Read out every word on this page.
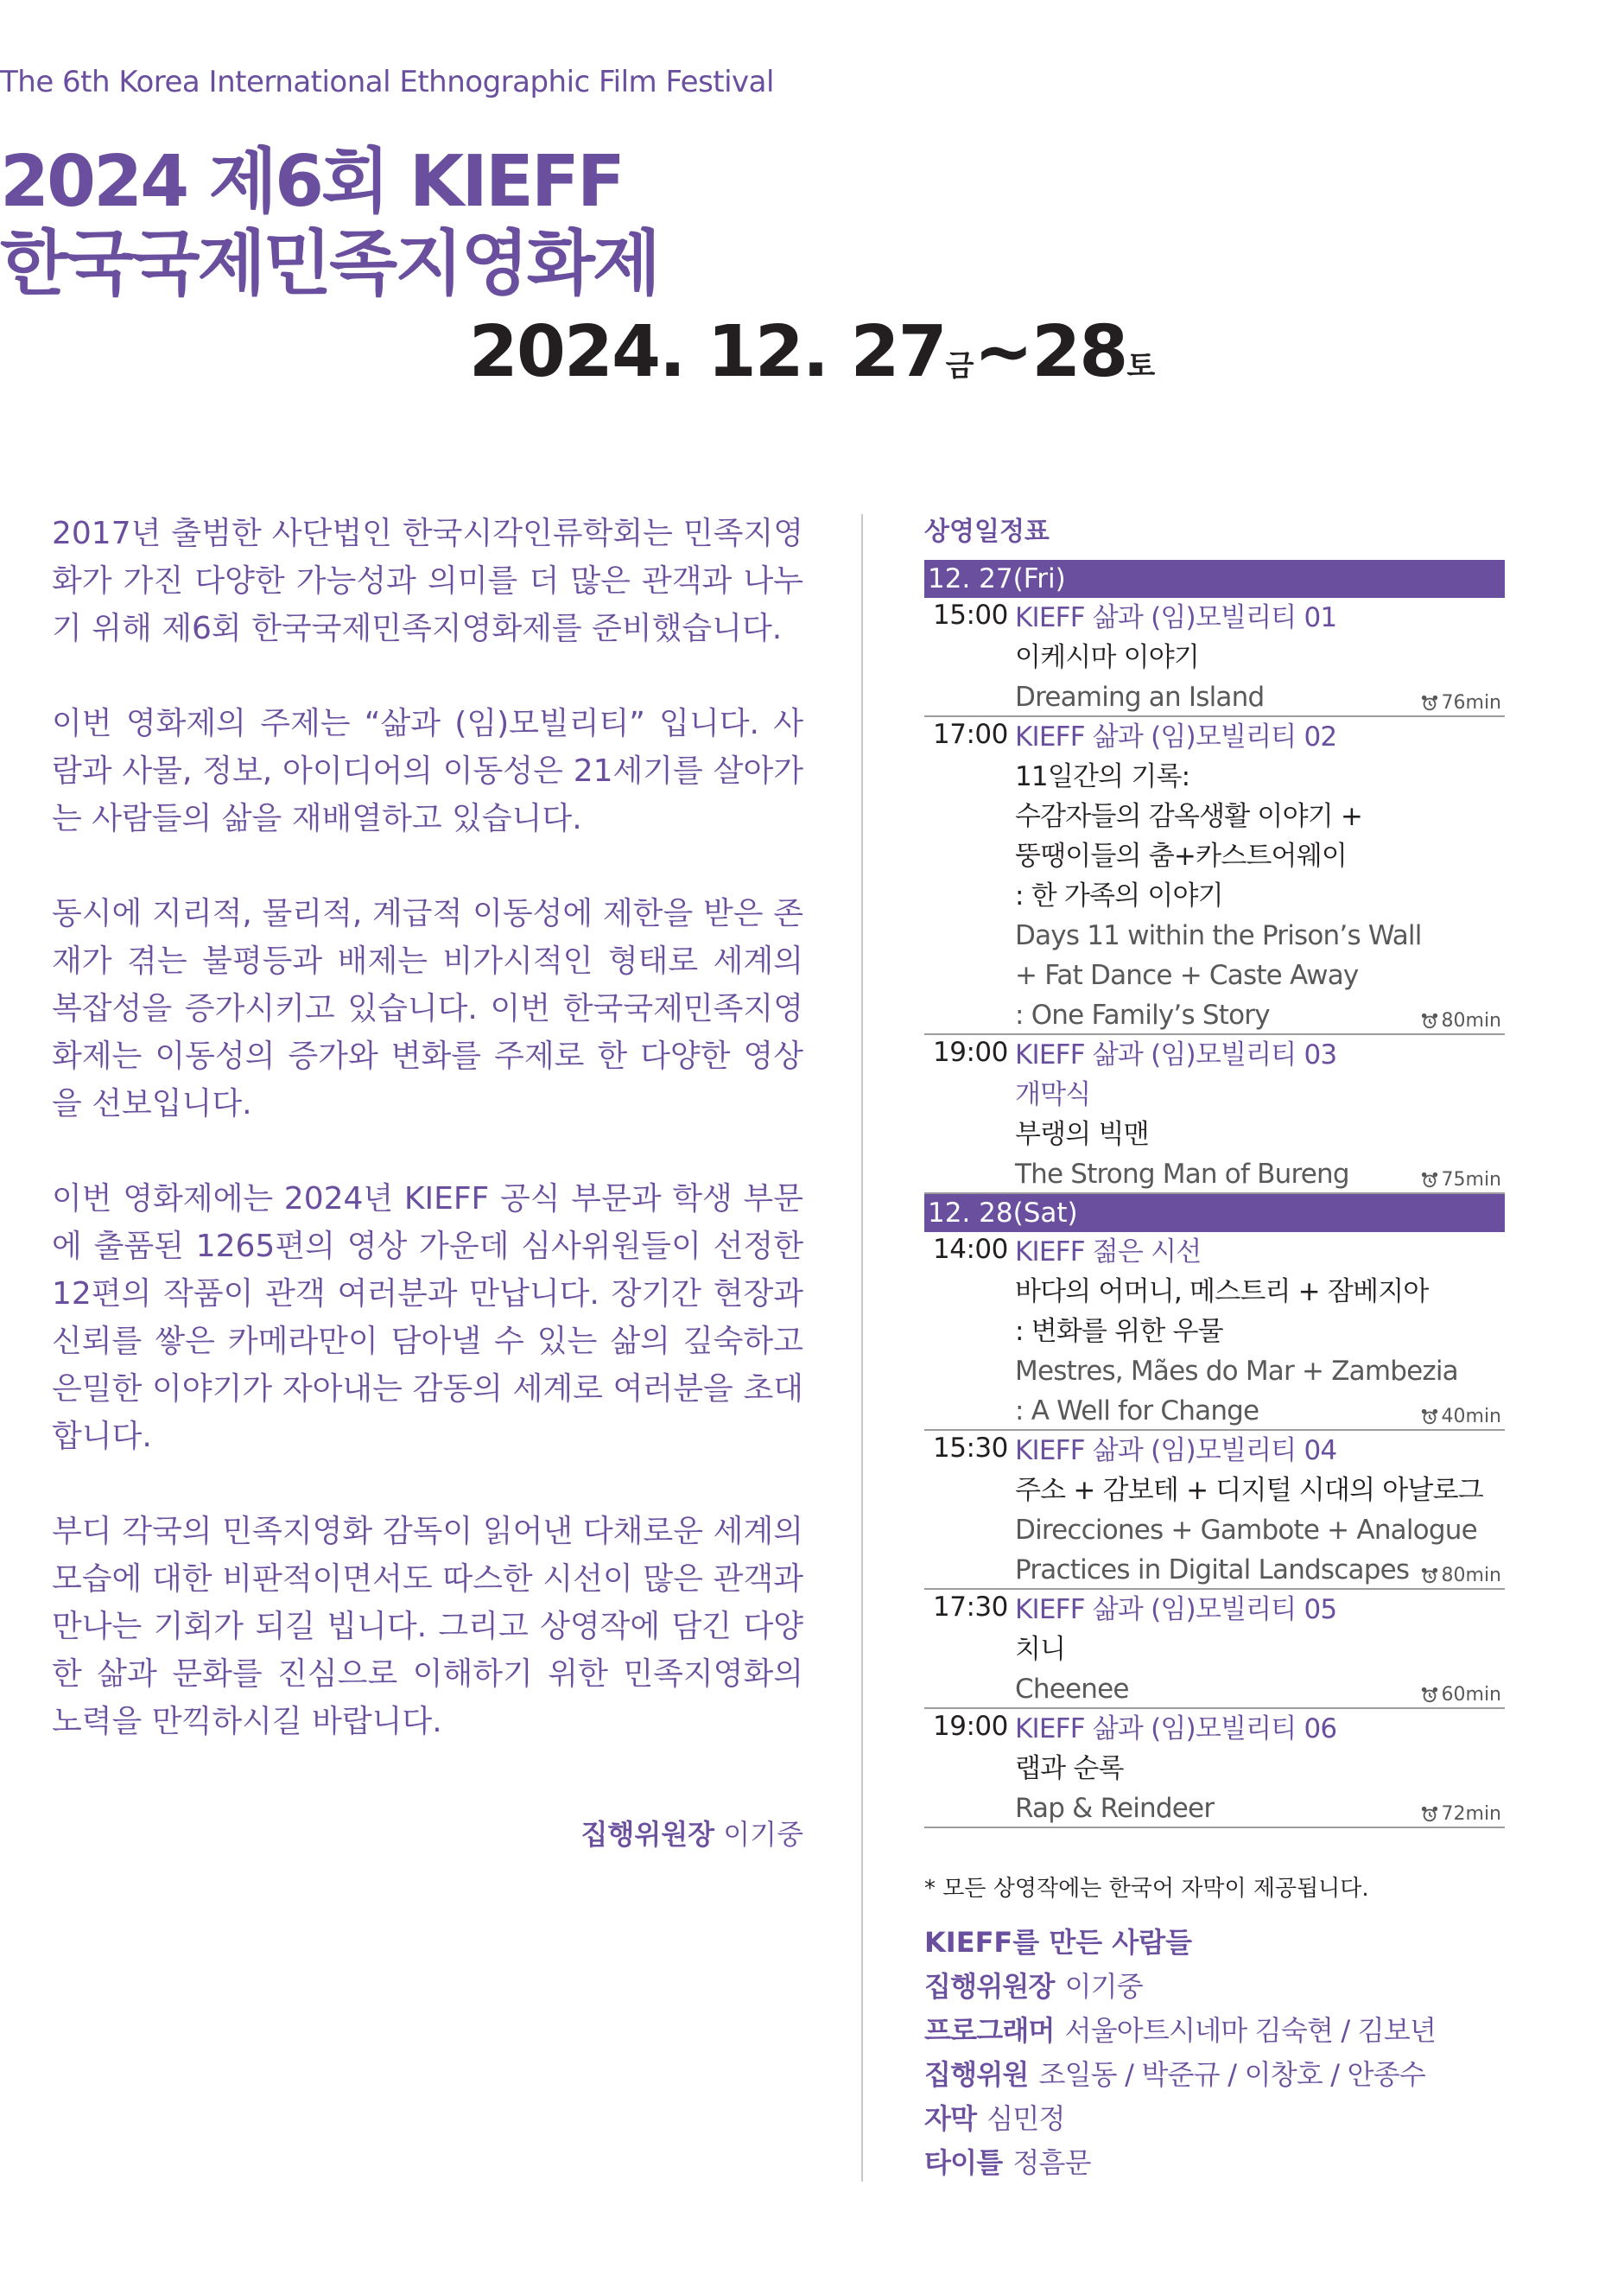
The 6th Korea International Ethnographic Film Festival
2024 제6회 KIEFF
한국국제민족지영화제
2024. 12. 27금~28토

2017년 출범한 사단법인 한국시각인류학회는 민족지영화가 가진 다양한 가능성과 의미를 더 많은 관객과 나누기 위해 제6회 한국국제민족지영화제를 준비했습니다.

이번 영화제의 주제는 “삶과 (임)모빌리티” 입니다. 사람과 사물, 정보, 아이디어의 이동성은 21세기를 살아가는 사람들의 삶을 재배열하고 있습니다.

동시에 지리적, 물리적, 계급적 이동성에 제한을 받은 존재가 겪는 불평등과 배제는 비가시적인 형태로 세계의 복잡성을 증가시키고 있습니다. 이번 한국국제민족지영화제는 이동성의 증가와 변화를 주제로 한 다양한 영상을 선보입니다.

이번 영화제에는 2024년 KIEFF 공식 부문과 학생 부문에 출품된 1265편의 영상 가운데 심사위원들이 선정한 12편의 작품이 관객 여러분과 만납니다. 장기간 현장과 신뢰를 쌓은 카메라만이 담아낼 수 있는 삶의 깊숙하고 은밀한 이야기가 자아내는 감동의 세계로 여러분을 초대합니다.

부디 각국의 민족지영화 감독이 읽어낸 다채로운 세계의 모습에 대한 비판적이면서도 따스한 시선이 많은 관객과 만나는 기회가 되길 빕니다. 그리고 상영작에 담긴 다양한 삶과 문화를 진심으로 이해하기 위한 민족지영화의 노력을 만끽하시길 바랍니다.

집행위원장 이기중
상영일정표
12. 27(Fri)
15:00 KIEFF 삶과 (임)모빌리티 01
이케시마 이야기
Dreaming an Island	76min
17:00 KIEFF 삶과 (임)모빌리티 02
11일간의 기록:
수감자들의 감옥생활 이야기 +
뚱땡이들의 춤+카스트어웨이
: 한 가족의 이야기
Days 11 within the Prison’s Wall
+ Fat Dance + Caste Away
: One Family’s Story	80min
19:00 KIEFF 삶과 (임)모빌리티 03
개막식
부랭의 빅맨
The Strong Man of Bureng	75min
12. 28(Sat)
14:00 KIEFF 젊은 시선
바다의 어머니, 메스트리 + 잠베지아
: 변화를 위한 우물
Mestres, Mães do Mar + Zambezia
: A Well for Change	40min
15:30 KIEFF 삶과 (임)모빌리티 04
주소 + 감보테 + 디지털 시대의 아날로그
Direcciones + Gambote + Analogue
Practices in Digital Landscapes	80min
17:30 KIEFF 삶과 (임)모빌리티 05
치니
Cheenee	60min
19:00 KIEFF 삶과 (임)모빌리티 06
랩과 순록
Rap & Reindeer	72min
* 모든 상영작에는 한국어 자막이 제공됩니다.
KIEFF를 만든 사람들
집행위원장 이기중
프로그래머 서울아트시네마 김숙현 / 김보년
집행위원 조일동 / 박준규 / 이창호 / 안종수
자막 심민정
타이틀 정흠문
